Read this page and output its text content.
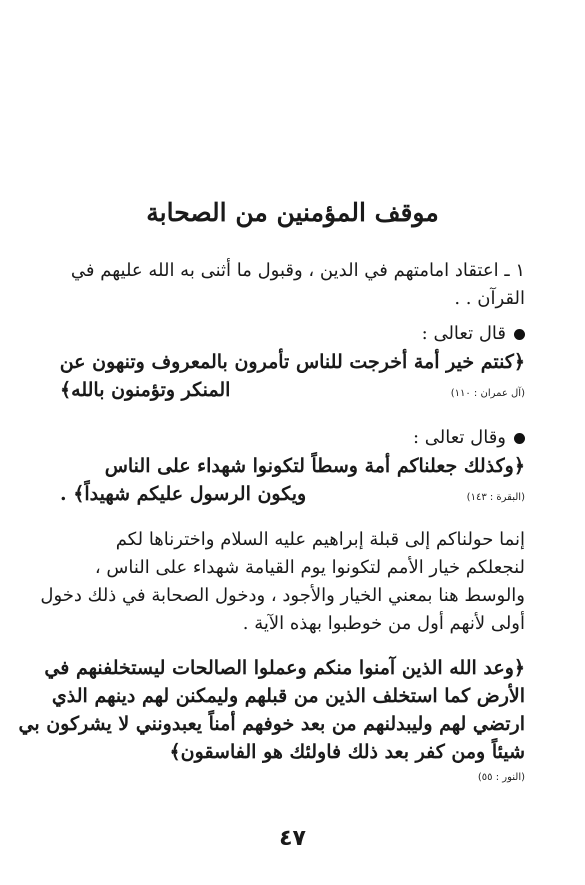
موقف المؤمنين من الصحابة
١ ـ اعتقاد امامتهم في الدين ، وقبول ما أثنى به الله عليهم في
القرآن . .
قال تعالى :
﴿كنتم خير أمة أخرجت للناس تأمرون بالمعروف وتنهون عن
المنكر وتؤمنون بالله﴾	(آل عمران : ١١٠)
وقال تعالى :
﴿وكذلك جعلناكم أمة وسطاً لتكونوا شهداء على الناس
ويكون الرسول عليكم شهيداً﴾ .	(البقرة : ١٤٣)
إنما حولناكم إلى قبلة إبراهيم عليه السلام واخترناها لكم
لنجعلكم خيار الأمم لتكونوا يوم القيامة شهداء على الناس ،
والوسط هنا بمعني الخيار والأجود ، ودخول الصحابة في ذلك دخول
أولى لأنهم أول من خوطبوا بهذه الآية .
﴿وعد الله الذين آمنوا منكم وعملوا الصالحات ليستخلفنهم في
الأرض كما استخلف الذين من قبلهم وليمكنن لهم دينهم الذي
ارتضي لهم وليبدلنهم من بعد خوفهم أمناً يعبدونني لا يشركون بي
شيئاً ومن كفر بعد ذلك فاولئك هو الفاسقون﴾
(النور : ٥٥)
٤٧
